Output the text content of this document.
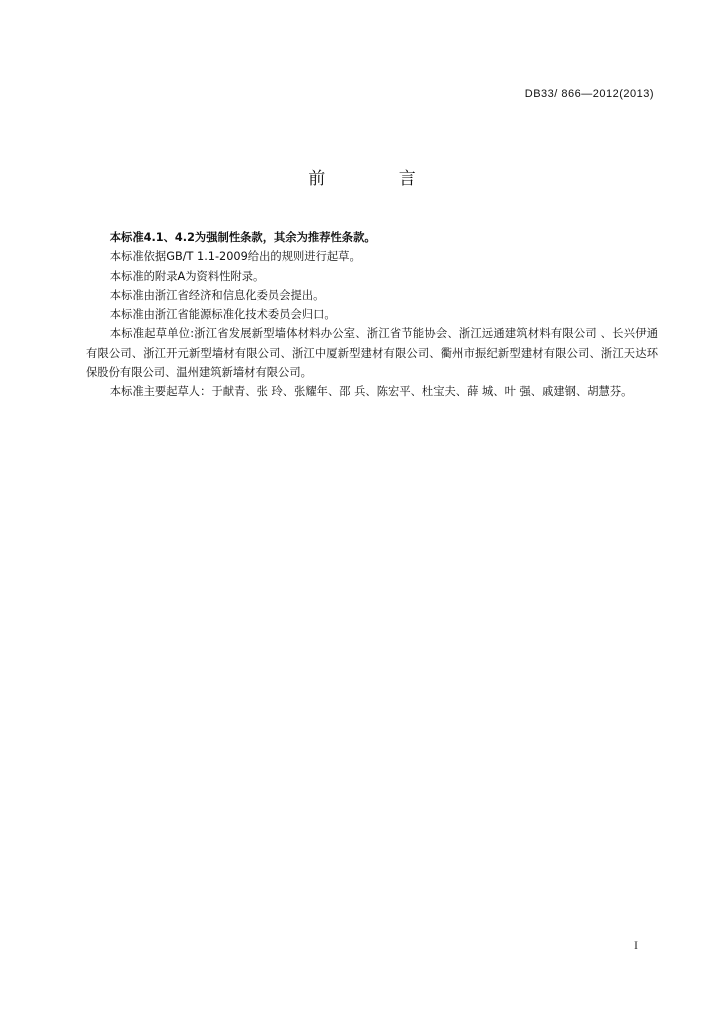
DB33/ 866—2012(2013)
前 言

本标准4.1、4.2为强制性条款，其余为推荐性条款。

本标准依据GB/T 1.1-2009给出的规则进行起草。

本标准的附录A为资料性附录。

本标准由浙江省经济和信息化委员会提出。

本标准由浙江省能源标准化技术委员会归口。

本标准起草单位:浙江省发展新型墙体材料办公室、浙江省节能协会、浙江远通建筑材料有限公司 、长兴伊通有限公司、浙江开元新型墙材有限公司、浙江中厦新型建材有限公司、衢州市振纪新型建材有限公司、浙江天达环保股份有限公司、温州建筑新墙材有限公司。

本标准主要起草人：于献青、张 玲、张耀年、邵 兵、陈宏平、杜宝夫、薛 城、叶 强、戚建钢、胡慧芬。

I
